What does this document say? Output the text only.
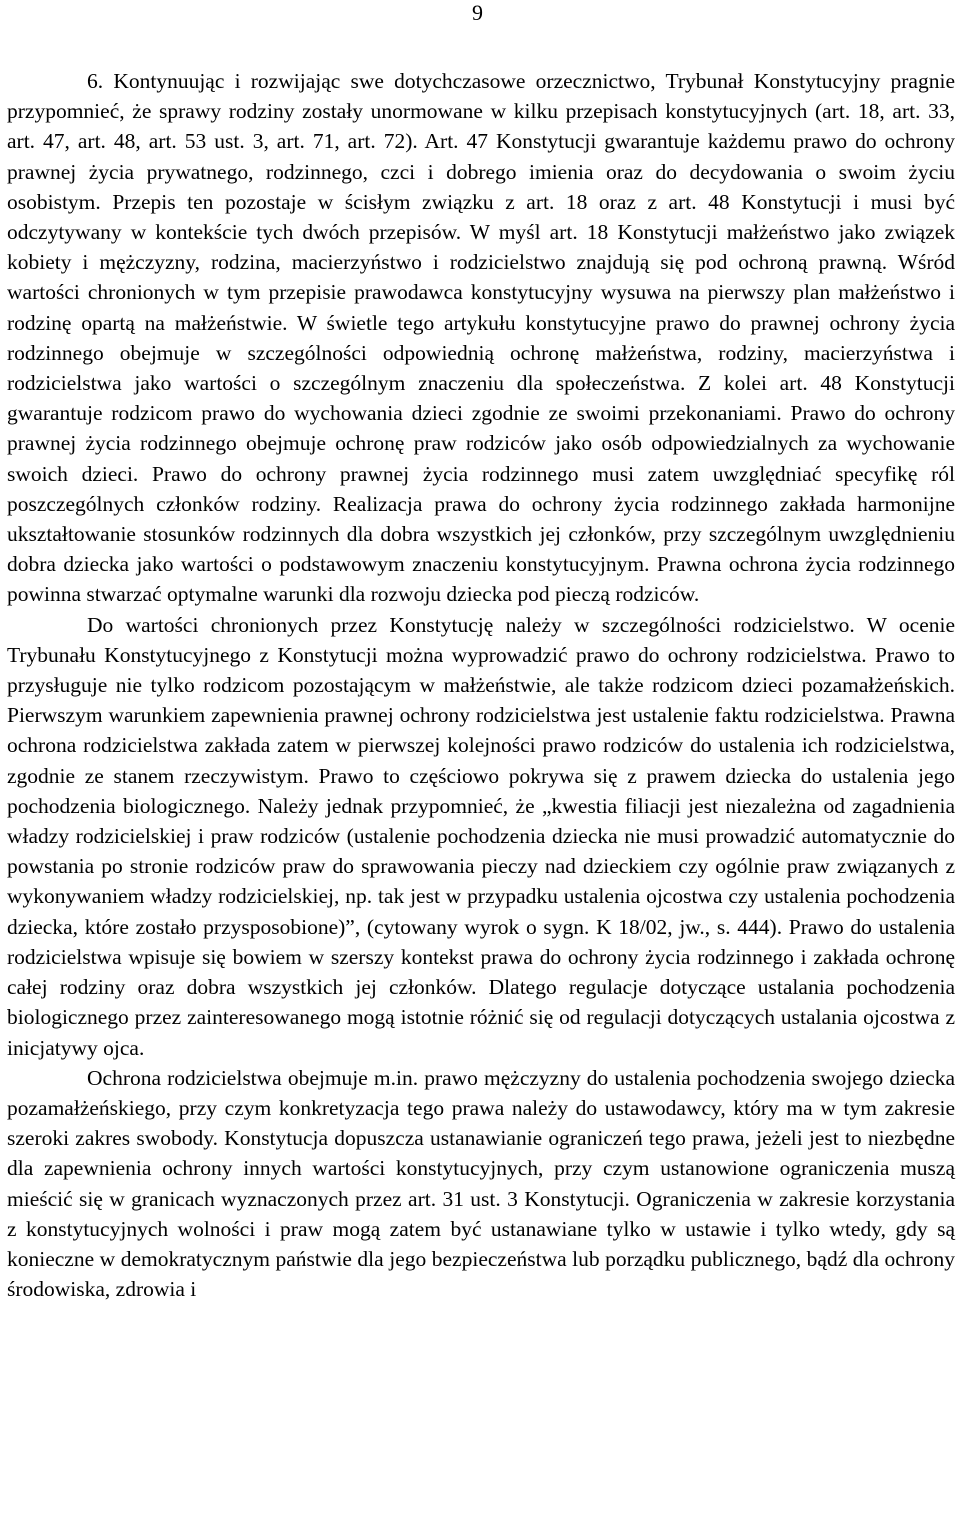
9

6. Kontynuując i rozwijając swe dotychczasowe orzecznictwo, Trybunał Konstytucyjny pragnie przypomnieć, że sprawy rodziny zostały unormowane w kilku przepisach konstytucyjnych (art. 18, art. 33, art. 47, art. 48, art. 53 ust. 3, art. 71, art. 72). Art. 47 Konstytucji gwarantuje każdemu prawo do ochrony prawnej życia prywatnego, rodzinnego, czci i dobrego imienia oraz do decydowania o swoim życiu osobistym. Przepis ten pozostaje w ścisłym związku z art. 18 oraz z art. 48 Konstytucji i musi być odczytywany w kontekście tych dwóch przepisów. W myśl art. 18 Konstytucji małżeństwo jako związek kobiety i mężczyzny, rodzina, macierzyństwo i rodzicielstwo znajdują się pod ochroną prawną. Wśród wartości chronionych w tym przepisie prawodawca konstytucyjny wysuwa na pierwszy plan małżeństwo i rodzinę opartą na małżeństwie. W świetle tego artykułu konstytucyjne prawo do prawnej ochrony życia rodzinnego obejmuje w szczególności odpowiednią ochronę małżeństwa, rodziny, macierzyństwa i rodzicielstwa jako wartości o szczególnym znaczeniu dla społeczeństwa. Z kolei art. 48 Konstytucji gwarantuje rodzicom prawo do wychowania dzieci zgodnie ze swoimi przekonaniami. Prawo do ochrony prawnej życia rodzinnego obejmuje ochronę praw rodziców jako osób odpowiedzialnych za wychowanie swoich dzieci. Prawo do ochrony prawnej życia rodzinnego musi zatem uwzględniać specyfikę ról poszczególnych członków rodziny. Realizacja prawa do ochrony życia rodzinnego zakłada harmonijne ukształtowanie stosunków rodzinnych dla dobra wszystkich jej członków, przy szczególnym uwzględnieniu dobra dziecka jako wartości o podstawowym znaczeniu konstytucyjnym. Prawna ochrona życia rodzinnego powinna stwarzać optymalne warunki dla rozwoju dziecka pod pieczą rodziców.

Do wartości chronionych przez Konstytucję należy w szczególności rodzicielstwo. W ocenie Trybunału Konstytucyjnego z Konstytucji można wyprowadzić prawo do ochrony rodzicielstwa. Prawo to przysługuje nie tylko rodzicom pozostającym w małżeństwie, ale także rodzicom dzieci pozamałżeńskich. Pierwszym warunkiem zapewnienia prawnej ochrony rodzicielstwa jest ustalenie faktu rodzicielstwa. Prawna ochrona rodzicielstwa zakłada zatem w pierwszej kolejności prawo rodziców do ustalenia ich rodzicielstwa, zgodnie ze stanem rzeczywistym. Prawo to częściowo pokrywa się z prawem dziecka do ustalenia jego pochodzenia biologicznego. Należy jednak przypomnieć, że „kwestia filiacji jest niezależna od zagadnienia władzy rodzicielskiej i praw rodziców (ustalenie pochodzenia dziecka nie musi prowadzić automatycznie do powstania po stronie rodziców praw do sprawowania pieczy nad dzieckiem czy ogólnie praw związanych z wykonywaniem władzy rodzicielskiej, np. tak jest w przypadku ustalenia ojcostwa czy ustalenia pochodzenia dziecka, które zostało przysposobione)”, (cytowany wyrok o sygn. K 18/02, jw., s. 444). Prawo do ustalenia rodzicielstwa wpisuje się bowiem w szerszy kontekst prawa do ochrony życia rodzinnego i zakłada ochronę całej rodziny oraz dobra wszystkich jej członków. Dlatego regulacje dotyczące ustalania pochodzenia biologicznego przez zainteresowanego mogą istotnie różnić się od regulacji dotyczących ustalania ojcostwa z inicjatywy ojca.

Ochrona rodzicielstwa obejmuje m.in. prawo mężczyzny do ustalenia pochodzenia swojego dziecka pozamałżeńskiego, przy czym konkretyzacja tego prawa należy do ustawodawcy, który ma w tym zakresie szeroki zakres swobody. Konstytucja dopuszcza ustanawianie ograniczeń tego prawa, jeżeli jest to niezbędne dla zapewnienia ochrony innych wartości konstytucyjnych, przy czym ustanowione ograniczenia muszą mieścić się w granicach wyznaczonych przez art. 31 ust. 3 Konstytucji. Ograniczenia w zakresie korzystania z konstytucyjnych wolności i praw mogą zatem być ustanawiane tylko w ustawie i tylko wtedy, gdy są konieczne w demokratycznym państwie dla jego bezpieczeństwa lub porządku publicznego, bądź dla ochrony środowiska, zdrowia i
